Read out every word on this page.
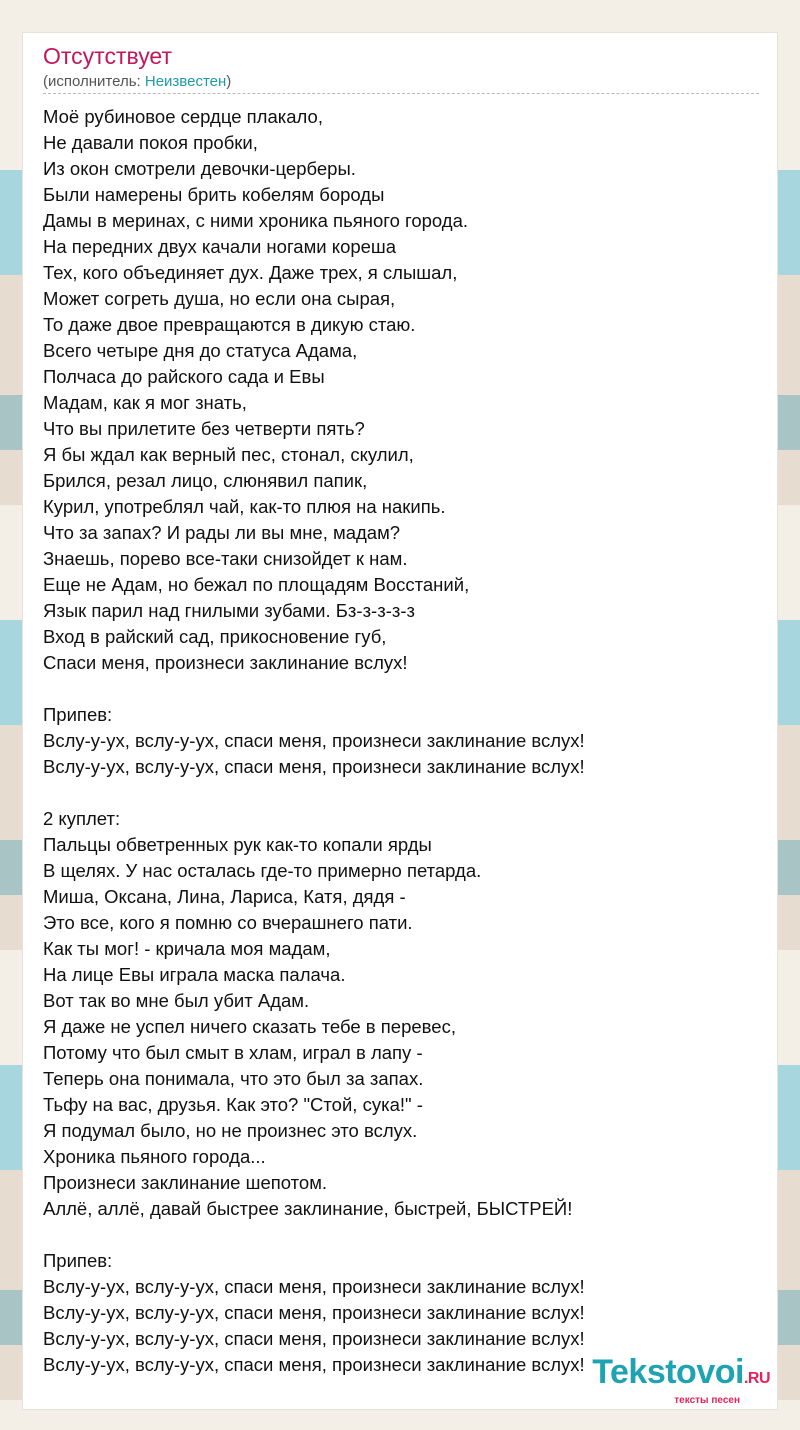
Отсутствует
(исполнитель: Неизвестен)
Моё рубиновое сердце плакало,
Не давали покоя пробки,
Из окон смотрели девочки-церберы.
Были намерены брить кобелям бороды
Дамы в меринах, с ними хроника пьяного города.
На передних двух качали ногами кореша
Тех, кого объединяет дух. Даже трех, я слышал,
Может согреть душа, но если она сырая,
То даже двое превращаются в дикую стаю.
Всего четыре дня до статуса Адама,
Полчаса до райского сада и Евы
Мадам, как я мог знать,
Что вы прилетите без четверти пять?
Я бы ждал как верный пес, стонал, скулил,
Брился, резал лицо, слюнявил папик,
Курил, употреблял чай, как-то плюя на накипь.
Что за запах? И рады ли вы мне, мадам?
Знаешь, порево все-таки снизойдет к нам.
Еще не Адам, но бежал по площадям Восстаний,
Язык парил над гнилыми зубами. Бз-з-з-з-з
Вход в райский сад, прикосновение губ,
Спаси меня, произнеси заклинание вслух!
Припев:
Вслу-у-ух, вслу-у-ух, спаси меня, произнеси заклинание вслух!
Вслу-у-ух, вслу-у-ух, спаси меня, произнеси заклинание вслух!
2 куплет:
Пальцы обветренных рук как-то копали ярды
В щелях. У нас осталась где-то примерно петарда.
Миша, Оксана, Лина, Лариса, Катя, дядя -
Это все, кого я помню со вчерашнего пати.
Как ты мог! - кричала моя мадам,
На лице Евы играла маска палача.
Вот так во мне был убит Адам.
Я даже не успел ничего сказать тебе в перевес,
Потому что был смыт в хлам, играл в лапу -
Теперь она понимала, что это был за запах.
Тьфу на вас, друзья. Как это? "Стой, сука!" -
Я подумал было, но не произнес это вслух.
Хроника пьяного города...
Произнеси заклинание шепотом.
Аллё, аллё, давай быстрее заклинание, быстрей, БЫСТРЕЙ!
Припев:
Вслу-у-ух, вслу-у-ух, спаси меня, произнеси заклинание вслух!
Вслу-у-ух, вслу-у-ух, спаси меня, произнеси заклинание вслух!
Вслу-у-ух, вслу-у-ух, спаси меня, произнеси заклинание вслух!
Вслу-у-ух, вслу-у-ух, спаси меня, произнеси заклинание вслух! Tekstovoi.RU
тексты песен
